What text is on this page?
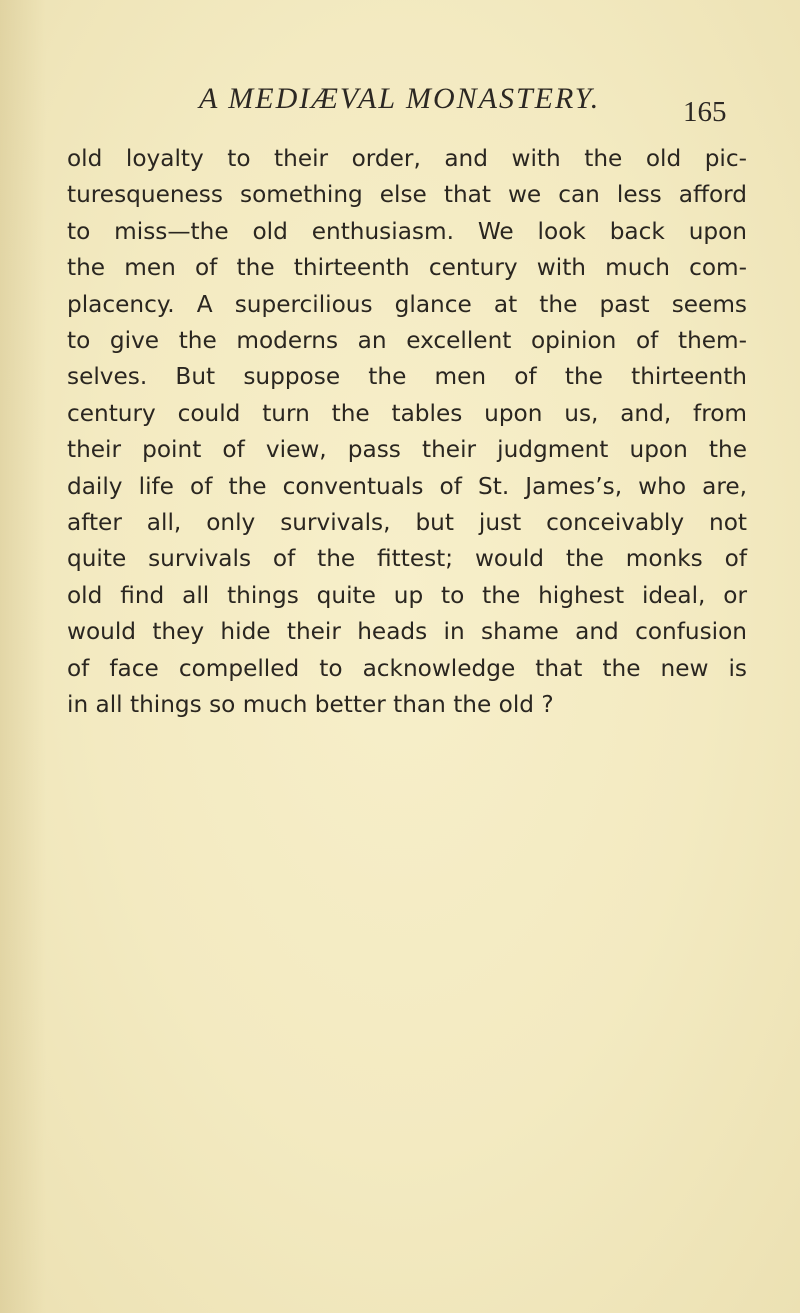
A MEDIÆVAL MONASTERY.	165
old loyalty to their order, and with the old pic-
turesqueness something else that we can less afford
to miss—the old enthusiasm. We look back upon
the men of the thirteenth century with much com-
placency. A supercilious glance at the past seems
to give the moderns an excellent opinion of them-
selves. But suppose the men of the thirteenth
century could turn the tables upon us, and, from
their point of view, pass their judgment upon the
daily life of the conventuals of St. James’s, who are,
after all, only survivals, but just conceivably not
quite survivals of the fittest; would the monks of
old find all things quite up to the highest ideal, or
would they hide their heads in shame and confusion
of face compelled to acknowledge that the new is
in all things so much better than the old ?
